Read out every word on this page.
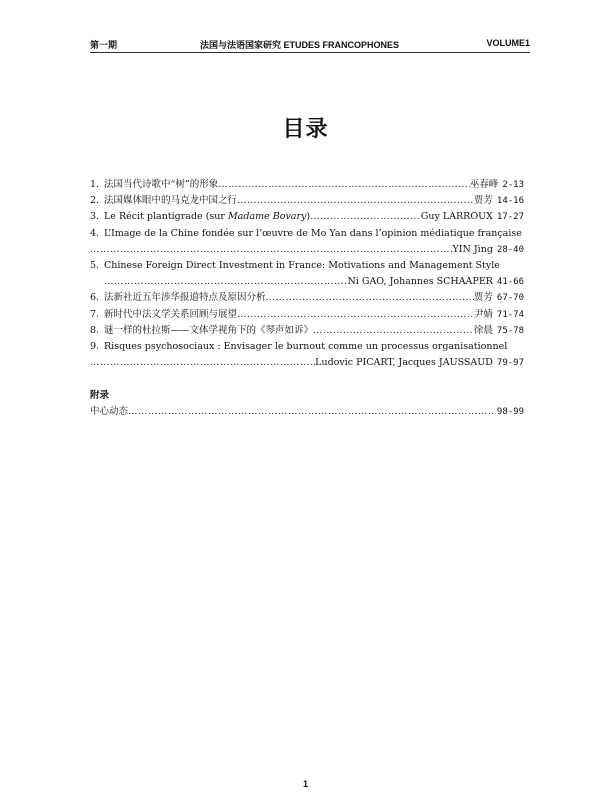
第一期	法国与法语国家研究 ETUDES FRANCOPHONES	VOLUME1
目录
1. 法国当代诗歌中“树”的形象 ………………………………………………………………………………………………………………………………………………………………	巫春峰 2-13
2. 法国媒体眼中的马克龙中国之行 ………………………………………………………………………………………………………………………………………………………………	贾芳 14-16
3. Le Récit plantigrade (sur Madame Bovary) ………………………………………………………………………………………………………………………………………………………………	Guy LARROUX 17-27
4. L’Image de la Chine fondée sur l’œuvre de Mo Yan dans l’opinion médiatique française
………………………………………………………………………………………………………………………………………………………………
YIN Jing 28-40
5. Chinese Foreign Direct Investment in France: Motivations and Management Style
………………………………………………………………………………………………………………………………………………………………
Ni GAO, Johannes SCHAAPER 41-66
6. 法新社近五年涉华报道特点及原因分析 ………………………………………………………………………………………………………………………………………………………………	贾芳 67-70
7. 新时代中法文学关系回顾与展望 ………………………………………………………………………………………………………………………………………………………………	尹婧 71-74
8. 谜一样的杜拉斯——文体学视角下的《琴声如诉》 ………………………………………………………………………………………………………………………………………………………………	徐晨 75-78
9. Risques psychosociaux : Envisager le burnout comme un processus organisationnel
………………………………………………………………………………………………………………………………………………………………
Ludovic PICART, Jacques JAUSSAUD 79-97
附录
中心动态 ………………………………………………………………………………………………………………………………………………………………	98-99
1
